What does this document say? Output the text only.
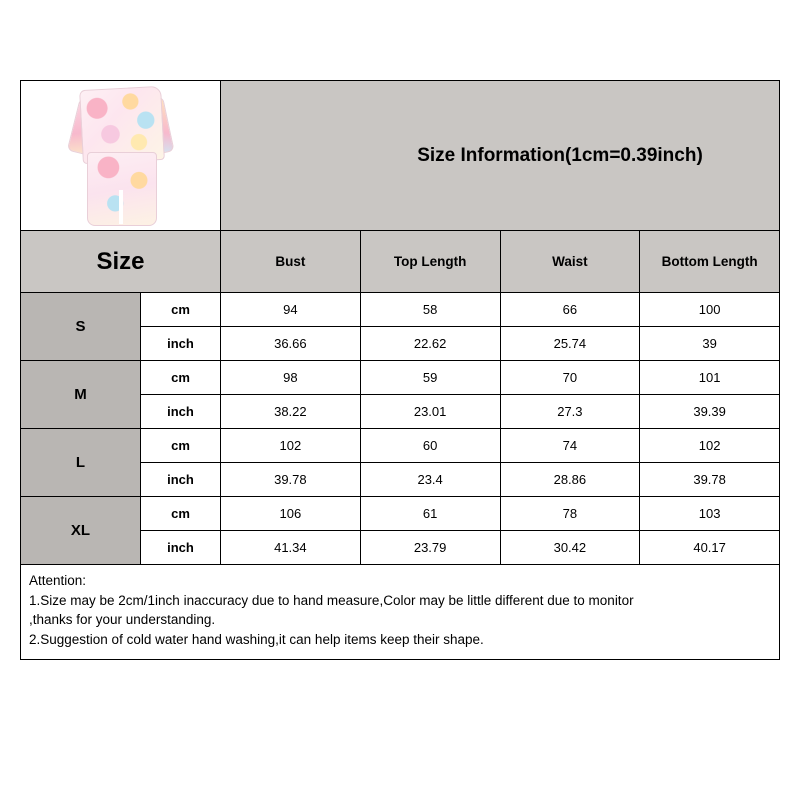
Size Information(1cm=0.39inch)
Size	Bust	Top Length	Waist	Bottom Length
S
cm	94	58	66	100
inch	36.66	22.62	25.74	39
M
cm	98	59	70	101
inch	38.22	23.01	27.3	39.39
L
cm	102	60	74	102
inch	39.78	23.4	28.86	39.78
XL
cm	106	61	78	103
inch	41.34	23.79	30.42	40.17
Attention:
1.Size may be 2cm/1inch inaccuracy due to hand measure,Color may be little different due to monitor
,thanks for your understanding.
2.Suggestion of cold water hand washing,it can help items keep their shape.
